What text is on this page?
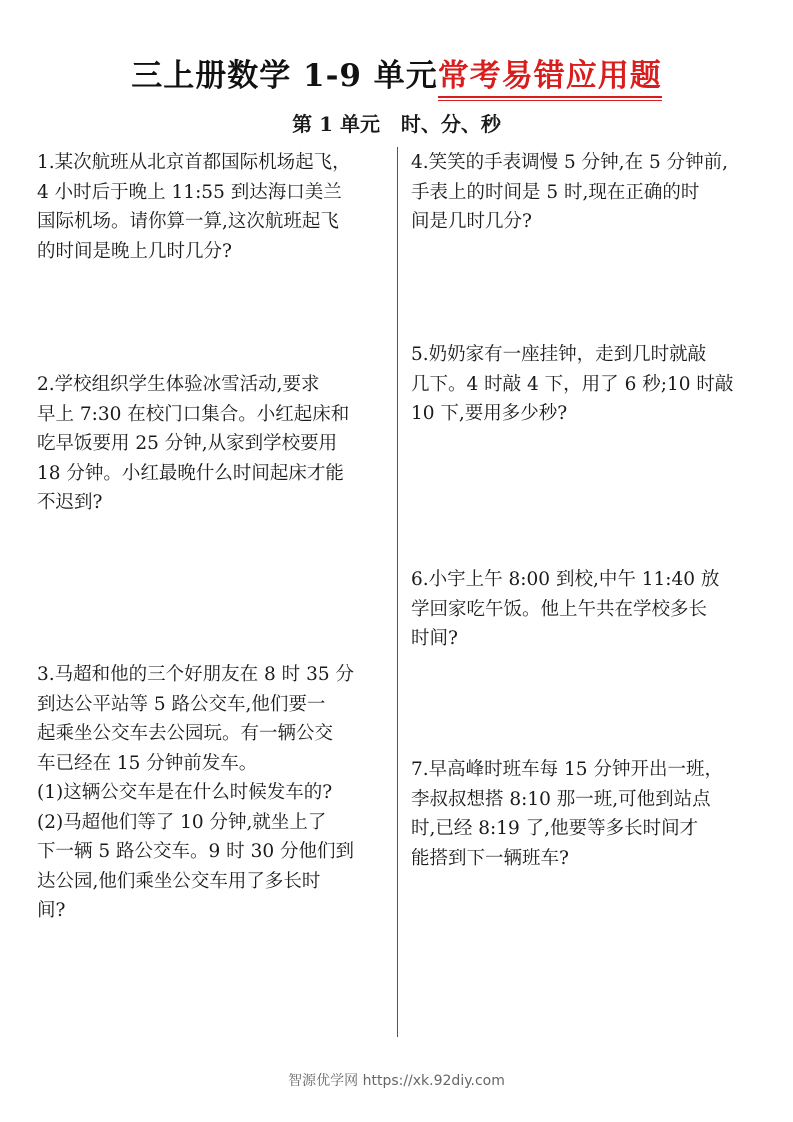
三上册数学 1-9 单元常考易错应用题
第 1 单元   时、分、秒
1.某次航班从北京首都国际机场起飞，
4 小时后于晚上 11:55 到达海口美兰
国际机场。请你算一算,这次航班起飞
的时间是晚上几时几分?
2.学校组织学生体验冰雪活动,要求
早上 7:30 在校门口集合。小红起床和
吃早饭要用 25 分钟,从家到学校要用
18 分钟。小红最晚什么时间起床才能
不迟到?
3.马超和他的三个好朋友在 8 时 35 分
到达公平站等 5 路公交车,他们要一
起乘坐公交车去公园玩。有一辆公交
车已经在 15 分钟前发车。
(1)这辆公交车是在什么时候发车的?
(2)马超他们等了 10 分钟,就坐上了
下一辆 5 路公交车。9 时 30 分他们到
达公园,他们乘坐公交车用了多长时
间?
4.笑笑的手表调慢 5 分钟,在 5 分钟前,
手表上的时间是 5 时,现在正确的时
间是几时几分?
5.奶奶家有一座挂钟，走到几时就敲
几下。4 时敲 4 下，用了 6 秒;10 时敲
10 下,要用多少秒?
6.小宇上午 8:00 到校,中午 11:40 放
学回家吃午饭。他上午共在学校多长
时间?
7.早高峰时班车每 15 分钟开出一班，
李叔叔想搭 8:10 那一班,可他到站点
时,已经 8:19 了,他要等多长时间才
能搭到下一辆班车?
智源优学网 https://xk.92diy.com
